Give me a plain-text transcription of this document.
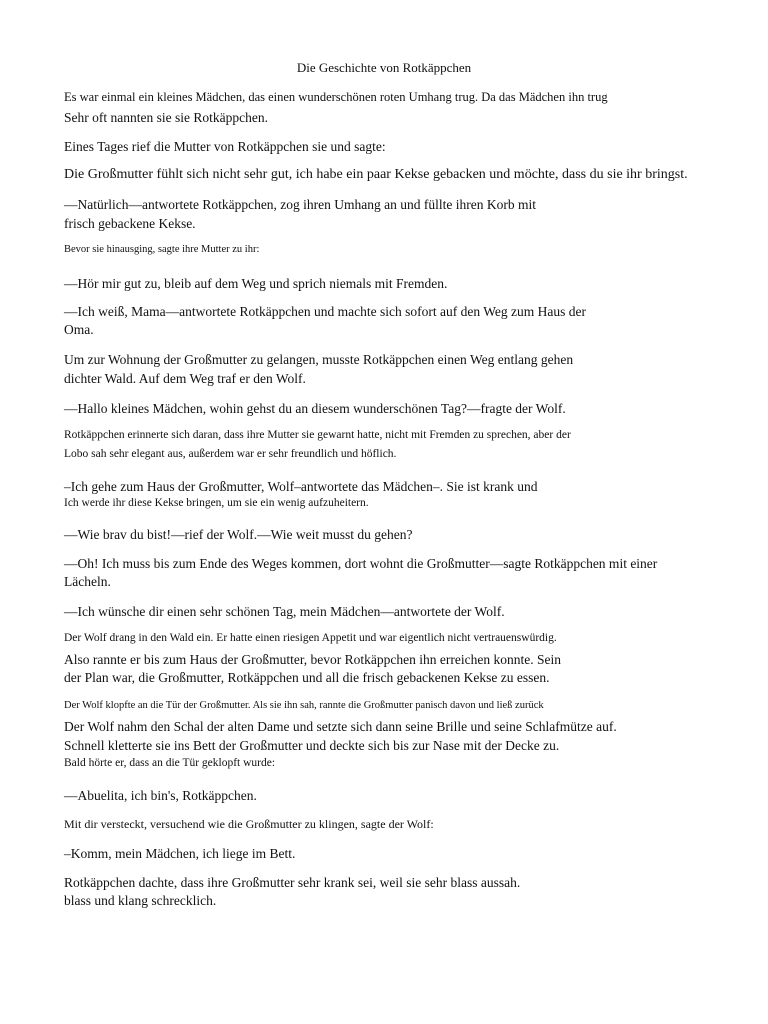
Die Geschichte von Rotkäppchen
Es war einmal ein kleines Mädchen, das einen wunderschönen roten Umhang trug. Da das Mädchen ihn trug
Sehr oft nannten sie sie Rotkäppchen.
Eines Tages rief die Mutter von Rotkäppchen sie und sagte:
Die Großmutter fühlt sich nicht sehr gut, ich habe ein paar Kekse gebacken und möchte, dass du sie ihr bringst.
—Natürlich—antwortete Rotkäppchen, zog ihren Umhang an und füllte ihren Korb mit
frisch gebackene Kekse.
Bevor sie hinausging, sagte ihre Mutter zu ihr:
—Hör mir gut zu, bleib auf dem Weg und sprich niemals mit Fremden.
—Ich weiß, Mama—antwortete Rotkäppchen und machte sich sofort auf den Weg zum Haus der
Oma.
Um zur Wohnung der Großmutter zu gelangen, musste Rotkäppchen einen Weg entlang gehen
dichter Wald. Auf dem Weg traf er den Wolf.
—Hallo kleines Mädchen, wohin gehst du an diesem wunderschönen Tag?—fragte der Wolf.
Rotkäppchen erinnerte sich daran, dass ihre Mutter sie gewarnt hatte, nicht mit Fremden zu sprechen, aber der
Lobo sah sehr elegant aus, außerdem war er sehr freundlich und höflich.
–Ich gehe zum Haus der Großmutter, Wolf–antwortete das Mädchen–. Sie ist krank und
Ich werde ihr diese Kekse bringen, um sie ein wenig aufzuheitern.
—Wie brav du bist!—rief der Wolf.—Wie weit musst du gehen?
—Oh! Ich muss bis zum Ende des Weges kommen, dort wohnt die Großmutter—sagte Rotkäppchen mit einer
Lächeln.
—Ich wünsche dir einen sehr schönen Tag, mein Mädchen—antwortete der Wolf.
Der Wolf drang in den Wald ein. Er hatte einen riesigen Appetit und war eigentlich nicht vertrauenswürdig.
Also rannte er bis zum Haus der Großmutter, bevor Rotkäppchen ihn erreichen konnte. Sein
der Plan war, die Großmutter, Rotkäppchen und all die frisch gebackenen Kekse zu essen.
Der Wolf klopfte an die Tür der Großmutter. Als sie ihn sah, rannte die Großmutter panisch davon und ließ zurück
Der Wolf nahm den Schal der alten Dame und setzte sich dann seine Brille und seine Schlafmütze auf.
Schnell kletterte sie ins Bett der Großmutter und deckte sich bis zur Nase mit der Decke zu.
Bald hörte er, dass an die Tür geklopft wurde:
—Abuelita, ich bin's, Rotkäppchen.
Mit dir versteckt, versuchend wie die Großmutter zu klingen, sagte der Wolf:
–Komm, mein Mädchen, ich liege im Bett.
Rotkäppchen dachte, dass ihre Großmutter sehr krank sei, weil sie sehr blass aussah.
blass und klang schrecklich.
